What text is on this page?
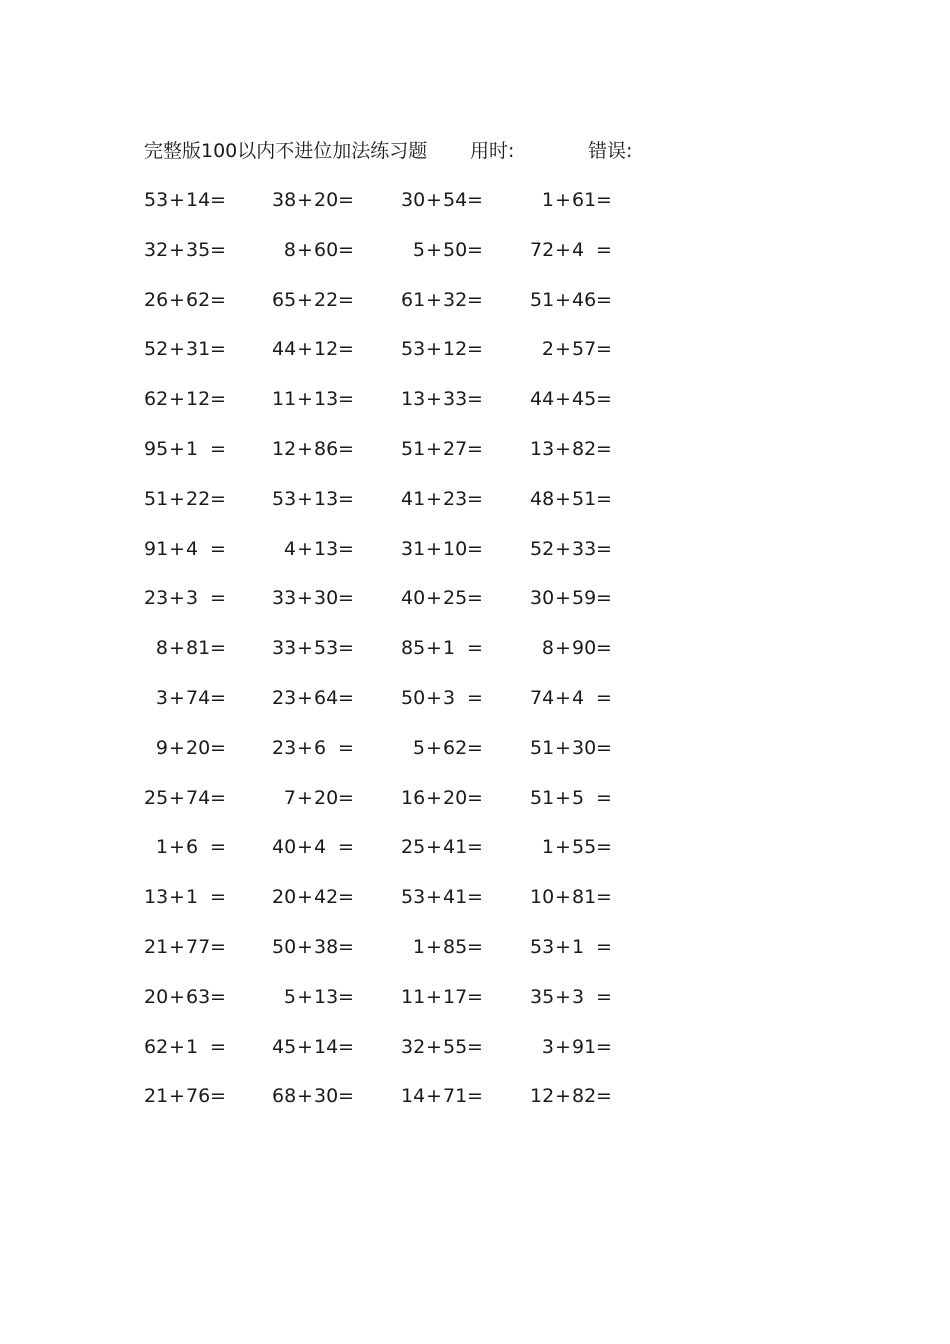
完整版100以内不进位加法练习题 用时:	错误:
53+14=	38+20=	30+54=	1+61=
32+35=	8+60=	5+50=	72+4 =
26+62=	65+22=	61+32=	51+46=
52+31=	44+12=	53+12=	2+57=
62+12=	11+13=	13+33=	44+45=
95+1 =	12+86=	51+27=	13+82=
51+22=	53+13=	41+23=	48+51=
91+4 =	4+13=	31+10=	52+33=
23+3 =	33+30=	40+25=	30+59=
8+81=	33+53=	85+1 =	8+90=
3+74=	23+64=	50+3 =	74+4 =
9+20=	23+6 =	5+62=	51+30=
25+74=	7+20=	16+20=	51+5 =
1+6 =	40+4 =	25+41=	1+55=
13+1 =	20+42=	53+41=	10+81=
21+77=	50+38=	1+85=	53+1 =
20+63=	5+13=	11+17=	35+3 =
62+1 =	45+14=	32+55=	3+91=
21+76=	68+30=	14+71=	12+82=
